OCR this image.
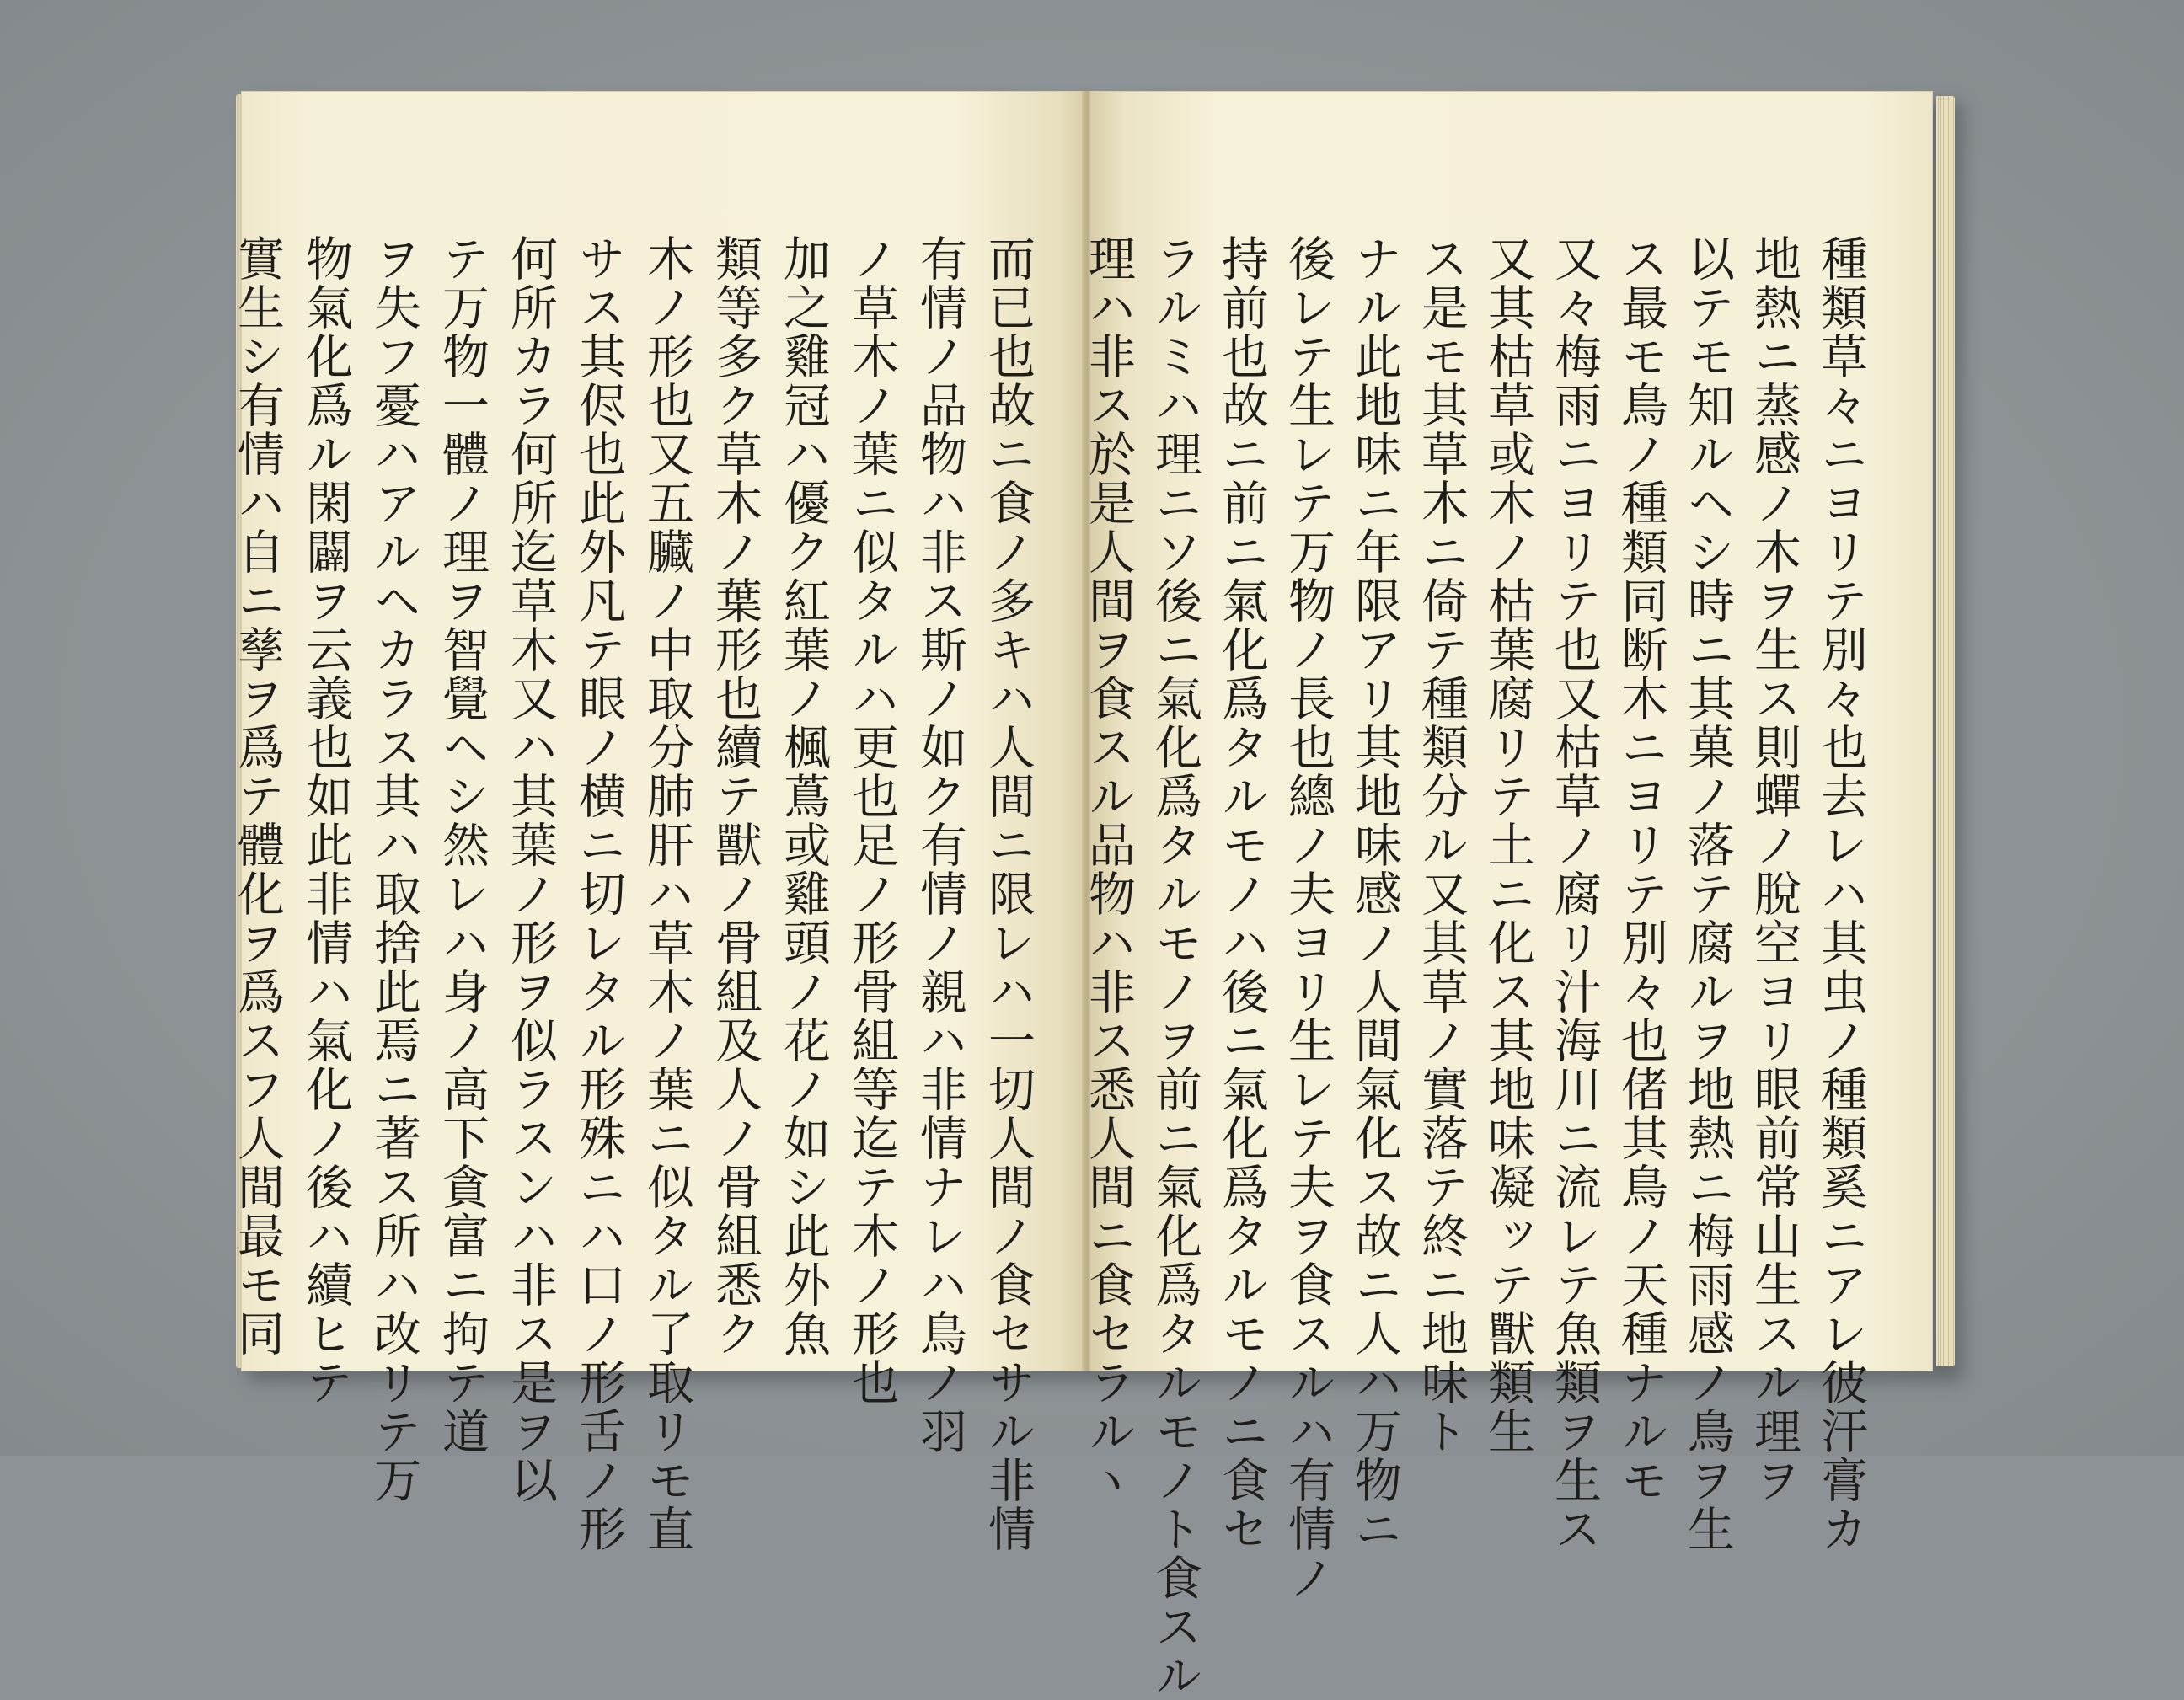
而已也故ニ食ノ多キハ人間ニ限レハ一切人間ノ食セサル非情
有情ノ品物ハ非ス斯ノ如ク有情ノ親ハ非情ナレハ鳥ノ羽
ノ草木ノ葉ニ似タルハ更也足ノ形骨組等迄テ木ノ形也
加之雞冠ハ優ク紅葉ノ楓蔦或雞頭ノ花ノ如シ此外魚
類等多ク草木ノ葉形也續テ獸ノ骨組及人ノ骨組悉ク
木ノ形也又五臟ノ中取分肺肝ハ草木ノ葉ニ似タル了取リモ直
サス其侭也此外凡テ眼ノ横ニ切レタル形殊ニハ口ノ形舌ノ形
何所カラ何所迄草木又ハ其葉ノ形ヲ似ラスンハ非ス是ヲ以
テ万物一體ノ理ヲ智覺ヘシ然レハ身ノ高下貪富ニ拘テ道
ヲ失フ憂ハアルヘカラス其ハ取捨此焉ニ著ス所ハ改リテ万
物氣化爲ル閑闢ヲ云義也如此非情ハ氣化ノ後ハ續ヒテ
實生シ有情ハ自ニ孳ヲ爲テ體化ヲ爲スフ人間最モ同	種類草々ニヨリテ別々也去レハ其虫ノ種類奚ニアレ彼汗膏カ
地熱ニ蒸感ノ木ヲ生ス則蟬ノ脫空ヨリ眼前常山生スル理ヲ
以テモ知ルヘシ時ニ其菓ノ落テ腐ルヲ地熱ニ梅雨感ノ鳥ヲ生
ス最モ鳥ノ種類同断木ニヨリテ別々也偖其鳥ノ天種ナルモ
又々梅雨ニヨリテ也又枯草ノ腐リ汁海川ニ流レテ魚類ヲ生ス
又其枯草或木ノ枯葉腐リテ土ニ化ス其地味凝ッテ獸類生
ス是モ其草木ニ倚テ種類分ル又其草ノ實落テ終ニ地味ト
ナル此地味ニ年限アリ其地味感ノ人間氣化ス故ニ人ハ万物ニ
後レテ生レテ万物ノ長也總ノ夫ヨリ生レテ夫ヲ食スルハ有情ノ
持前也故ニ前ニ氣化爲タルモノハ後ニ氣化爲タルモノニ食セ
ラルミハ理ニソ後ニ氣化爲タルモノヲ前ニ氣化爲タルモノト食スル
理ハ非ス於是人間ヲ食スル品物ハ非ス悉人間ニ食セラルヽ
